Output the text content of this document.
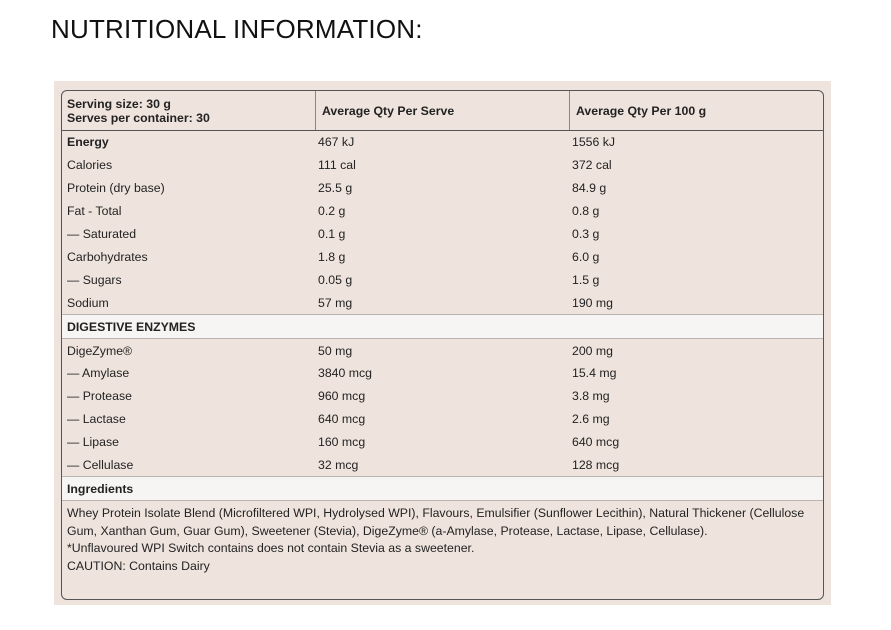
NUTRITIONAL INFORMATION:
Serving size: 30 g
Serves per container: 30	Average Qty Per Serve	Average Qty Per 100 g
Energy	467 kJ	1556 kJ
Calories	111 cal	372 cal
Protein (dry base)	25.5 g	84.9 g
Fat - Total	0.2 g	0.8 g
— Saturated	0.1 g	0.3 g
Carbohydrates	1.8 g	6.0 g
— Sugars	0.05 g	1.5 g
Sodium	57 mg	190 mg
DIGESTIVE ENZYMES
DigeZyme®	50 mg	200 mg
— Amylase	3840 mcg	15.4 mg
— Protease	960 mcg	3.8 mg
— Lactase	640 mcg	2.6 mg
— Lipase	160 mcg	640 mcg
— Cellulase	32 mcg	128 mcg
Ingredients

Whey Protein Isolate Blend (Microfiltered WPI, Hydrolysed WPI), Flavours, Emulsifier (Sunflower Lecithin), Natural Thickener (Cellulose Gum, Xanthan Gum, Guar Gum), Sweetener (Stevia), DigeZyme® (a-Amylase, Protease, Lactase, Lipase, Cellulase).

*Unflavoured WPI Switch contains does not contain Stevia as a sweetener.

CAUTION: Contains Dairy
